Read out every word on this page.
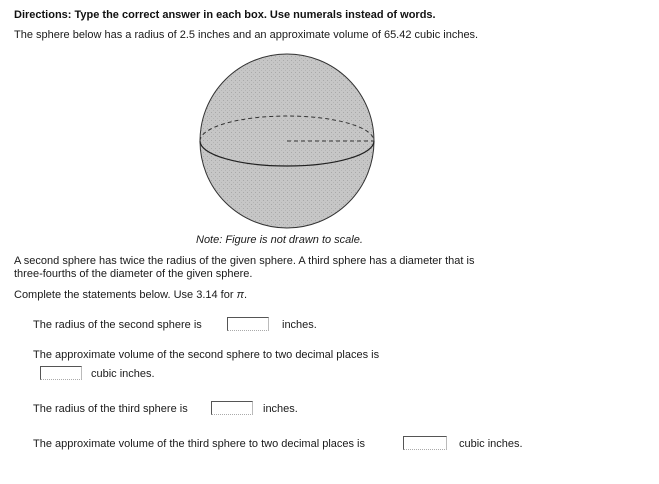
Directions: Type the correct answer in each box. Use numerals instead of words.
The sphere below has a radius of 2.5 inches and an approximate volume of 65.42 cubic inches.
Note: Figure is not drawn to scale.
A second sphere has twice the radius of the given sphere. A third sphere has a diameter that is
three-fourths of the diameter of the given sphere.
Complete the statements below. Use 3.14 for π.
The radius of the second sphere is	inches.
The approximate volume of the second sphere to two decimal places is
cubic inches.
The radius of the third sphere is	inches.
The approximate volume of the third sphere to two decimal places is	cubic inches.
